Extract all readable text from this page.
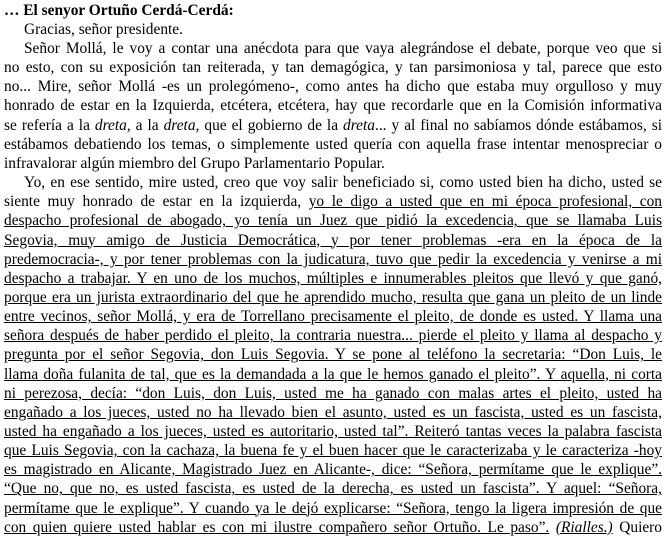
… El senyor Ortuño Cerdá-Cerdá:
Gracias, señor presidente.
Señor Mollá, le voy a contar una anécdota para que vaya alegrándose el debate, porque veo que si
no esto, con su exposición tan reiterada, y tan demagógica, y tan parsimoniosa y tal, parece que esto
no... Mire, señor Mollá -es un prolegómeno-, como antes ha dicho que estaba muy orgulloso y muy
honrado de estar en la Izquierda, etcétera, etcétera, hay que recordarle que en la Comisión informativa
se refería a la dreta, a la dreta, que el gobierno de la dreta... y al final no sabíamos dónde estábamos, si
estábamos debatiendo los temas, o simplemente usted quería con aquella frase intentar menospreciar o
infravalorar algún miembro del Grupo Parlamentario Popular.
Yo, en ese sentido, mire usted, creo que voy salir beneficiado si, como usted bien ha dicho, usted se
siente muy honrado de estar en la izquierda, yo le digo a usted que en mi época profesional, con
despacho profesional de abogado, yo tenía un Juez que pidió la excedencia, que se llamaba Luis
Segovia, muy amigo de Justicia Democrática, y por tener problemas -era en la época de la
predemocracia-, y por tener problemas con la judicatura, tuvo que pedir la excedencia y venirse a mi
despacho a trabajar. Y en uno de los muchos, múltiples e innumerables pleitos que llevó y que ganó,
porque era un jurista extraordinario del que he aprendido mucho, resulta que gana un pleito de un linde
entre vecinos, señor Mollá, y era de Torrellano precisamente el pleito, de donde es usted. Y llama una
señora después de haber perdido el pleito, la contraria nuestra... pierde el pleito y llama al despacho y
pregunta por el señor Segovia, don Luis Segovia. Y se pone al teléfono la secretaria: “Don Luis, le
llama doña fulanita de tal, que es la demandada a la que le hemos ganado el pleito”. Y aquella, ni corta
ni perezosa, decía: “don Luis, don Luis, usted me ha ganado con malas artes el pleito, usted ha
engañado a los jueces, usted no ha llevado bien el asunto, usted es un fascista, usted es un fascista,
usted ha engañado a los jueces, usted es autoritario, usted tal”. Reiteró tantas veces la palabra fascista
que Luis Segovia, con la cachaza, la buena fe y el buen hacer que le caracterizaba y le caracteriza -hoy
es magistrado en Alicante, Magistrado Juez en Alicante-, dice: “Señora, permítame que le explique”.
“Que no, que no, es usted fascista, es usted de la derecha, es usted un fascista”. Y aquel: “Señora,
permítame que le explique”. Y cuando ya le dejó explicarse: “Señora, tengo la ligera impresión de que
con quien quiere usted hablar es con mi ilustre compañero señor Ortuño. Le paso”. (Rialles.) Quiero
